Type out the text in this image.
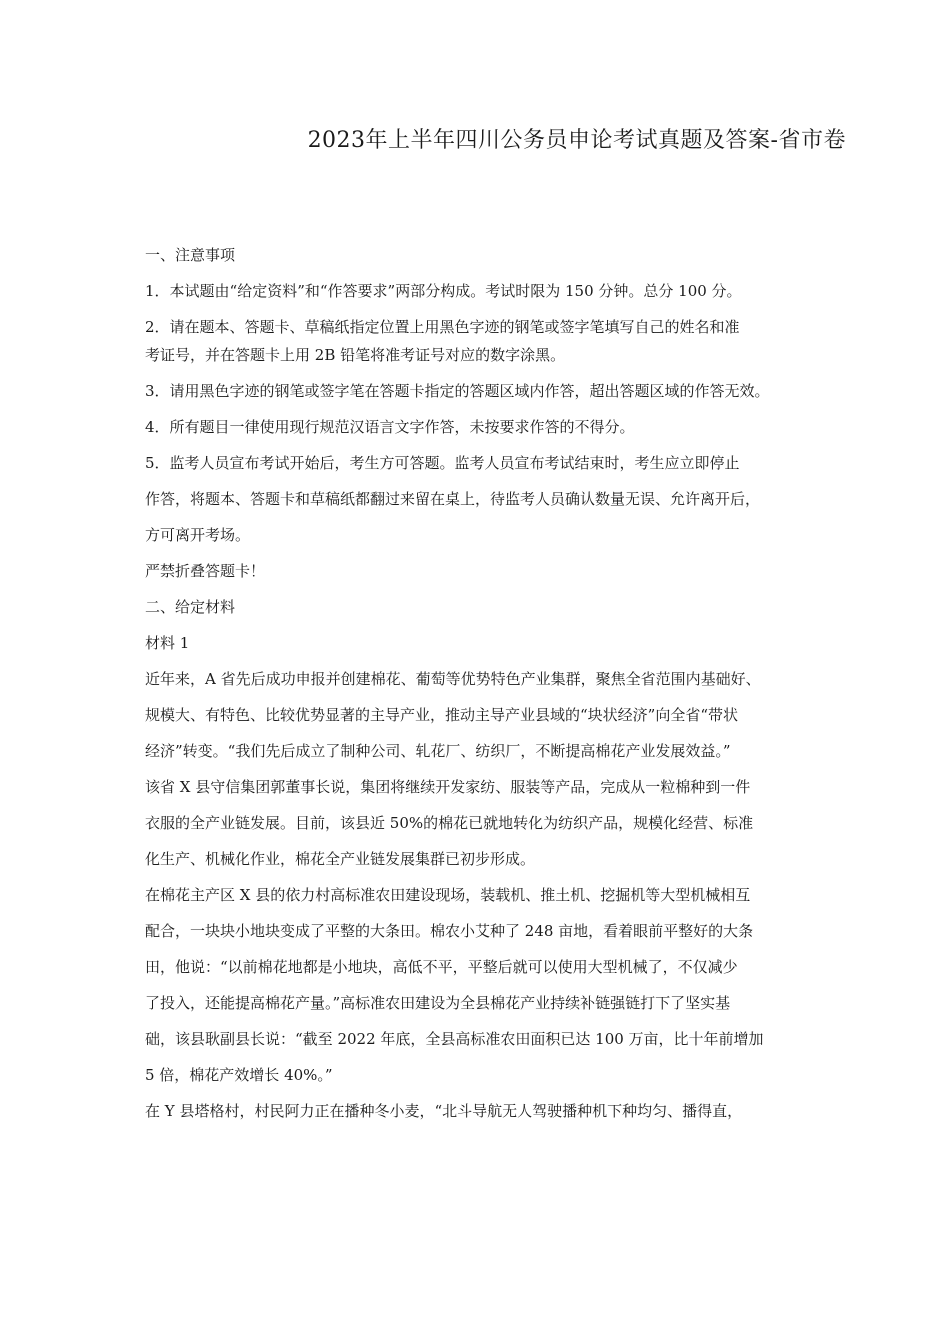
2023年上半年四川公务员申论考试真题及答案-省市卷
一、注意事项
1．本试题由“给定资料”和“作答要求”两部分构成。考试时限为 150 分钟。总分 100 分。
2．请在题本、答题卡、草稿纸指定位置上用黑色字迹的钢笔或签字笔填写自己的姓名和准
考证号，并在答题卡上用 2B 铅笔将准考证号对应的数字涂黑。
3．请用黑色字迹的钢笔或签字笔在答题卡指定的答题区域内作答，超出答题区域的作答无效。
4．所有题目一律使用现行规范汉语言文字作答，未按要求作答的不得分。
5．监考人员宣布考试开始后，考生方可答题。监考人员宣布考试结束时，考生应立即停止
作答，将题本、答题卡和草稿纸都翻过来留在桌上，待监考人员确认数量无误、允许离开后，
方可离开考场。
严禁折叠答题卡！
二、给定材料
材料 1
近年来，A 省先后成功申报并创建棉花、葡萄等优势特色产业集群，聚焦全省范围内基础好、
规模大、有特色、比较优势显著的主导产业，推动主导产业县域的“块状经济”向全省“带状
经济”转变。“我们先后成立了制种公司、轧花厂、纺织厂，不断提高棉花产业发展效益。”
该省 X 县守信集团郭董事长说，集团将继续开发家纺、服装等产品，完成从一粒棉种到一件
衣服的全产业链发展。目前，该县近 50%的棉花已就地转化为纺织产品，规模化经营、标准
化生产、机械化作业，棉花全产业链发展集群已初步形成。
在棉花主产区 X 县的依力村高标准农田建设现场，装载机、推土机、挖掘机等大型机械相互
配合，一块块小地块变成了平整的大条田。棉农小艾种了 248 亩地，看着眼前平整好的大条
田，他说：“以前棉花地都是小地块，高低不平，平整后就可以使用大型机械了，不仅减少
了投入，还能提高棉花产量。”高标准农田建设为全县棉花产业持续补链强链打下了坚实基
础，该县耿副县长说：“截至 2022 年底，全县高标准农田面积已达 100 万亩，比十年前增加
5 倍，棉花产效增长 40%。”
在 Y 县塔格村，村民阿力正在播种冬小麦，“北斗导航无人驾驶播种机下种均匀、播得直，
